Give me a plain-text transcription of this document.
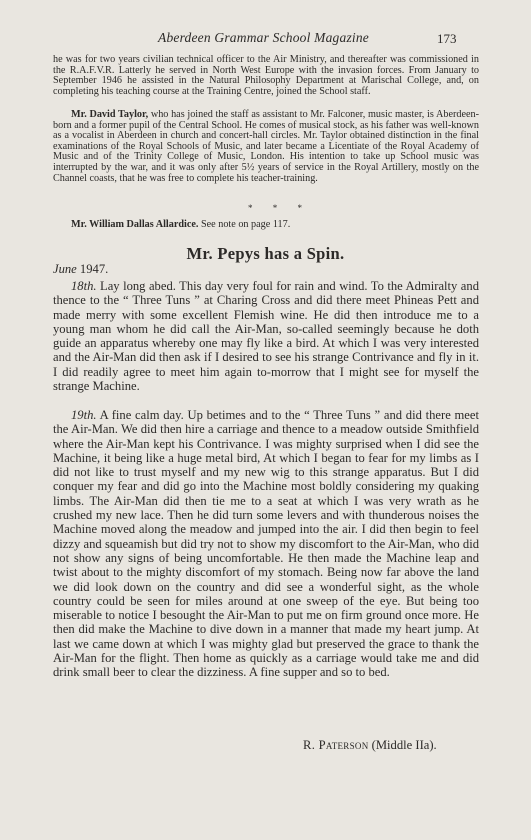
Aberdeen Grammar School Magazine	173

he was for two years civilian technical officer to the Air Ministry, and thereafter was commissioned in the R.A.F.V.R. Latterly he served in North West Europe with the invasion forces. From January to September 1946 he assisted in the Natural Philosophy Department at Marischal College, and, on completing his teaching course at the Training Centre, joined the School staff.

Mr. David Taylor, who has joined the staff as assistant to Mr. Falconer, music master, is Aberdeen-born and a former pupil of the Central School. He comes of musical stock, as his father was well-known as a vocalist in Aberdeen in church and concert-hall circles. Mr. Taylor obtained distinction in the final examinations of the Royal Schools of Music, and later became a Licentiate of the Royal Academy of Music and of the Trinity College of Music, London. His intention to take up School music was interrupted by the war, and it was only after 5½ years of service in the Royal Artillery, mostly on the Channel coasts, that he was free to complete his teacher-training.

* * *

Mr. William Dallas Allardice. See note on page 117.

Mr. Pepys has a Spin.

June 1947.

18th. Lay long abed. This day very foul for rain and wind. To the Admiralty and thence to the “ Three Tuns ” at Charing Cross and did there meet Phineas Pett and made merry with some excellent Flemish wine. He did then introduce me to a young man whom he did call the Air-Man, so-called seemingly because he doth guide an apparatus whereby one may fly like a bird. At which I was very interested and the Air-Man did then ask if I desired to see his strange Contrivance and fly in it. I did readily agree to meet him again to-morrow that I might see for myself the strange Machine.

19th. A fine calm day. Up betimes and to the “ Three Tuns ” and did there meet the Air-Man. We did then hire a carriage and thence to a meadow outside Smithfield where the Air-Man kept his Contrivance. I was mighty surprised when I did see the Machine, it being like a huge metal bird, At which I began to fear for my limbs as I did not like to trust myself and my new wig to this strange apparatus. But I did conquer my fear and did go into the Machine most boldly considering my quaking limbs. The Air-Man did then tie me to a seat at which I was very wrath as he crushed my new lace. Then he did turn some levers and with thunderous noises the Machine moved along the meadow and jumped into the air. I did then begin to feel dizzy and squeamish but did try not to show my discomfort to the Air-Man, who did not show any signs of being uncomfortable. He then made the Machine leap and twist about to the mighty discomfort of my stomach. Being now far above the land we did look down on the country and did see a wonderful sight, as the whole country could be seen for miles around at one sweep of the eye. But being too miserable to notice I besought the Air-Man to put me on firm ground once more. He then did make the Machine to dive down in a manner that made my heart jump. At last we came down at which I was mighty glad but preserved the grace to thank the Air-Man for the flight. Then home as quickly as a carriage would take me and did drink small beer to clear the dizziness. A fine supper and so to bed.

R. Paterson (Middle IIa).
